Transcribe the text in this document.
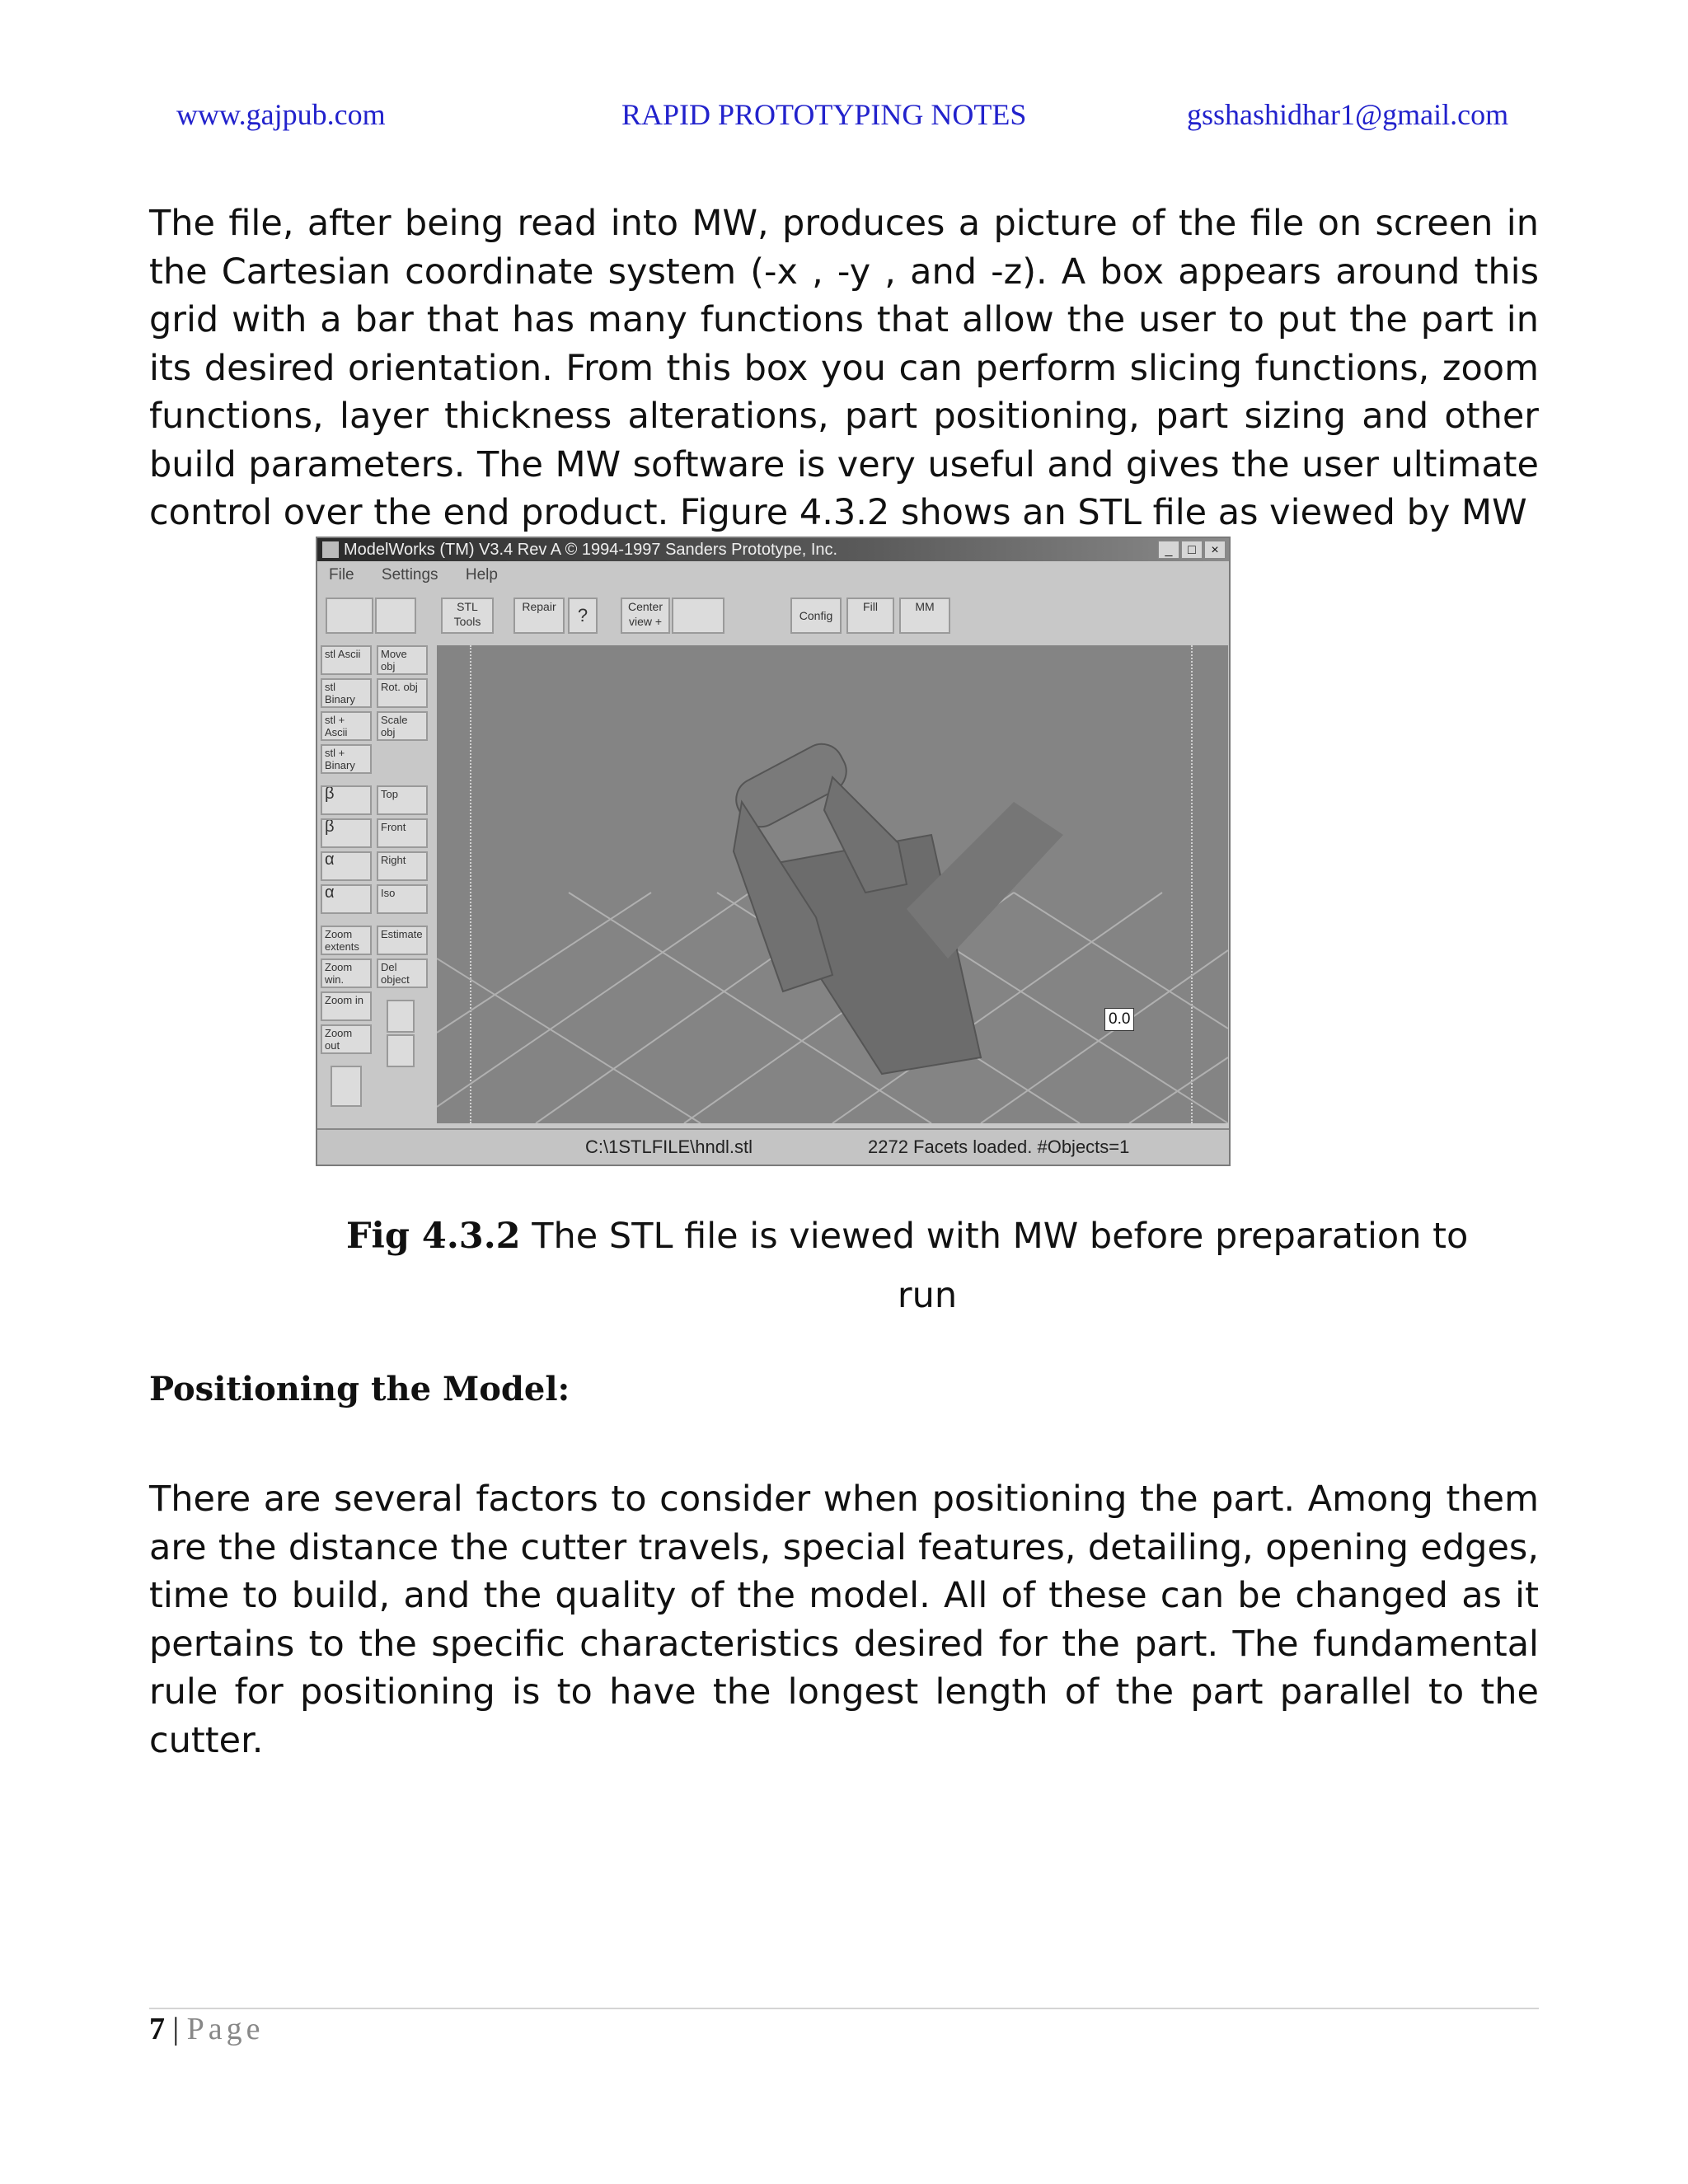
www.gajpub.com	RAPID PROTOTYPING NOTES	gsshashidhar1@gmail.com
The file, after being read into MW, produces a picture of the file on screen in the Cartesian coordinate system (-x , -y , and -z). A box appears around this grid with a bar that has many functions that allow the user to put the part in its desired orientation. From this box you can perform slicing functions, zoom functions, layer thickness alterations, part positioning, part sizing and other build parameters. The MW software is very useful and gives the user ultimate control over the end product. Figure 4.3.2 shows an STL file as viewed by MW
ModelWorks (TM) V3.4 Rev A © 1994-1997 Sanders Prototype, Inc.	_	□	×
File Settings Help
STL Tools
Repair	?	Center view +	Config
Fill	MM
stl Ascii
stl Binary
stl + Ascii
stl + Binary
β
β
α
α
Zoom extents
Zoom win.
Zoom in
Zoom out
Move obj
Rot. obj
Scale obj
Top
Front
Right
Iso
Estimate
Del object
0.0
C:\1STLFILE\hndl.stl	2272 Facets loaded. #Objects=1
Fig 4.3.2 The STL file is viewed with MW before preparation to
run
Positioning the Model:
There are several factors to consider when positioning the part. Among them are the distance the cutter travels, special features, detailing, opening edges, time to build, and the quality of the model. All of these can be changed as it pertains to the specific characteristics desired for the part. The fundamental rule for positioning is to have the longest length of the part parallel to the cutter.
7 | Page
